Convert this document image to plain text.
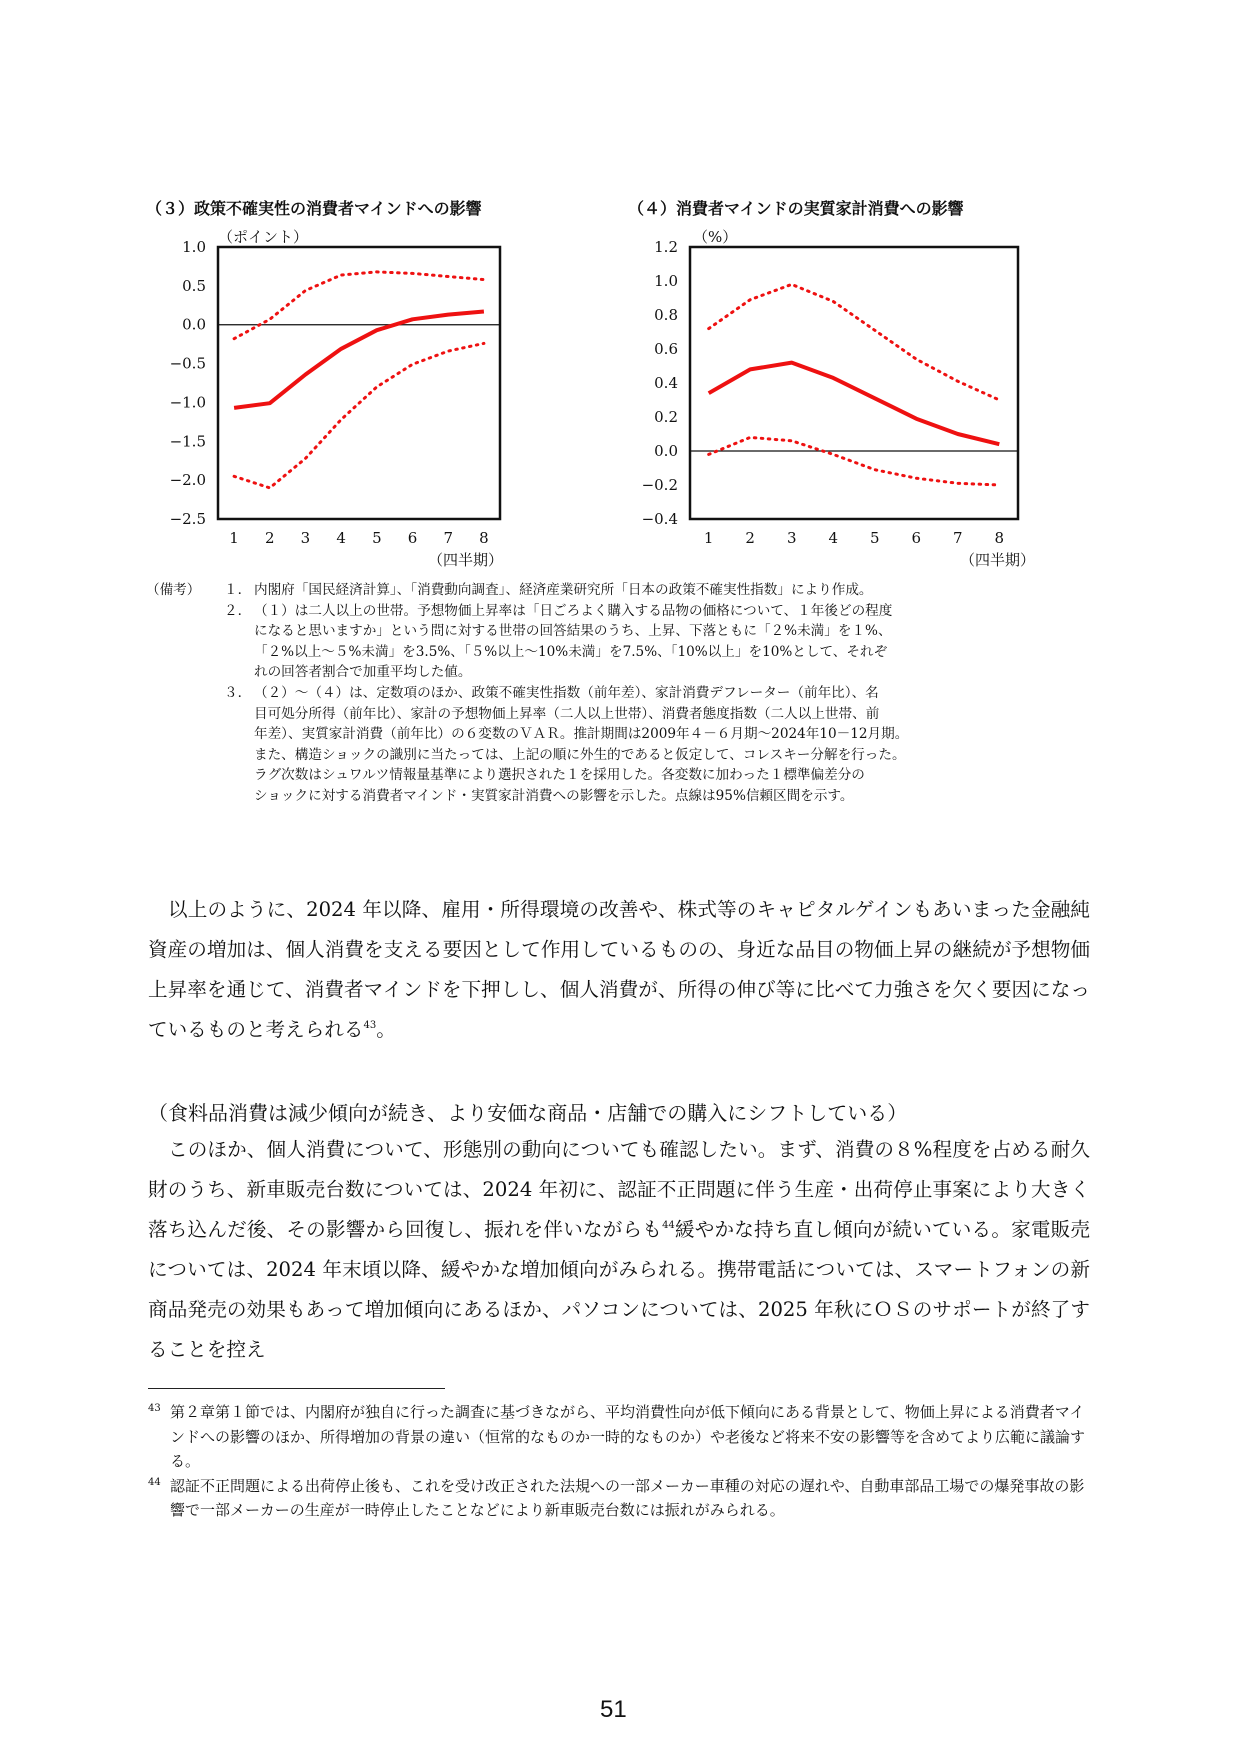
（３）政策不確実性の消費者マインドへの影響
（ポイント）
（四半期）
1.0
0.5
0.0
−0.5
−1.0
−1.5
−2.0
−2.5
1 2 3 4 5 6 7 8
（４）消費者マインドの実質家計消費への影響
（%）
（四半期）
1.2
1.0
0.8
0.6
0.4
0.2
0.0
−0.2
−0.4
1 2 3 4 5 6 7 8
（備考） １． 内閣府「国民経済計算」、「消費動向調査」、経済産業研究所「日本の政策不確実性指数」により作成。
２． （１）は二人以上の世帯。予想物価上昇率は「日ごろよく購入する品物の価格について、１年後どの程度
になると思いますか」という問に対する世帯の回答結果のうち、上昇、下落ともに「２%未満」を１%、
「２%以上～５%未満」を3.5%、「５%以上～10%未満」を7.5%、「10%以上」を10%として、それぞ
れの回答者割合で加重平均した値。
３． （２）～（４）は、定数項のほか、政策不確実性指数（前年差）、家計消費デフレーター（前年比）、名
目可処分所得（前年比）、家計の予想物価上昇率（二人以上世帯）、消費者態度指数（二人以上世帯、前
年差）、実質家計消費（前年比）の６変数のＶＡＲ。推計期間は2009年４－６月期～2024年10－12月期。
また、構造ショックの識別に当たっては、上記の順に外生的であると仮定して、コレスキー分解を行った。
ラグ次数はシュワルツ情報量基準により選択された１を採用した。各変数に加わった１標準偏差分の
ショックに対する消費者マインド・実質家計消費への影響を示した。点線は95%信頼区間を示す。

以上のように、2024 年以降、雇用・所得環境の改善や、株式等のキャピタルゲインもあいまった金融純資産の増加は、個人消費を支える要因として作用しているものの、身近な品目の物価上昇の継続が予想物価上昇率を通じて、消費者マインドを下押しし、個人消費が、所得の伸び等に比べて力強さを欠く要因になっているものと考えられる$^{43}$。

（食料品消費は減少傾向が続き、より安価な商品・店舗での購入にシフトしている）

このほか、個人消費について、形態別の動向についても確認したい。まず、消費の８%程度を占める耐久財のうち、新車販売台数については、2024 年初に、認証不正問題に伴う生産・出荷停止事案により大きく落ち込んだ後、その影響から回復し、振れを伴いながらも$^{44}$緩やかな持ち直し傾向が続いている。家電販売については、2024 年末頃以降、緩やかな増加傾向がみられる。携帯電話については、スマートフォンの新商品発売の効果もあって増加傾向にあるほか、パソコンについては、2025 年秋にＯＳのサポートが終了することを控え

43 第２章第１節では、内閣府が独自に行った調査に基づきながら、平均消費性向が低下傾向にある背景として、物価上昇による消費者マインドへの影響のほか、所得増加の背景の違い（恒常的なものか一時的なものか）や老後など将来不安の影響等を含めてより広範に議論する。
44 認証不正問題による出荷停止後も、これを受け改正された法規への一部メーカー車種の対応の遅れや、自動車部品工場での爆発事故の影響で一部メーカーの生産が一時停止したことなどにより新車販売台数には振れがみられる。
51
